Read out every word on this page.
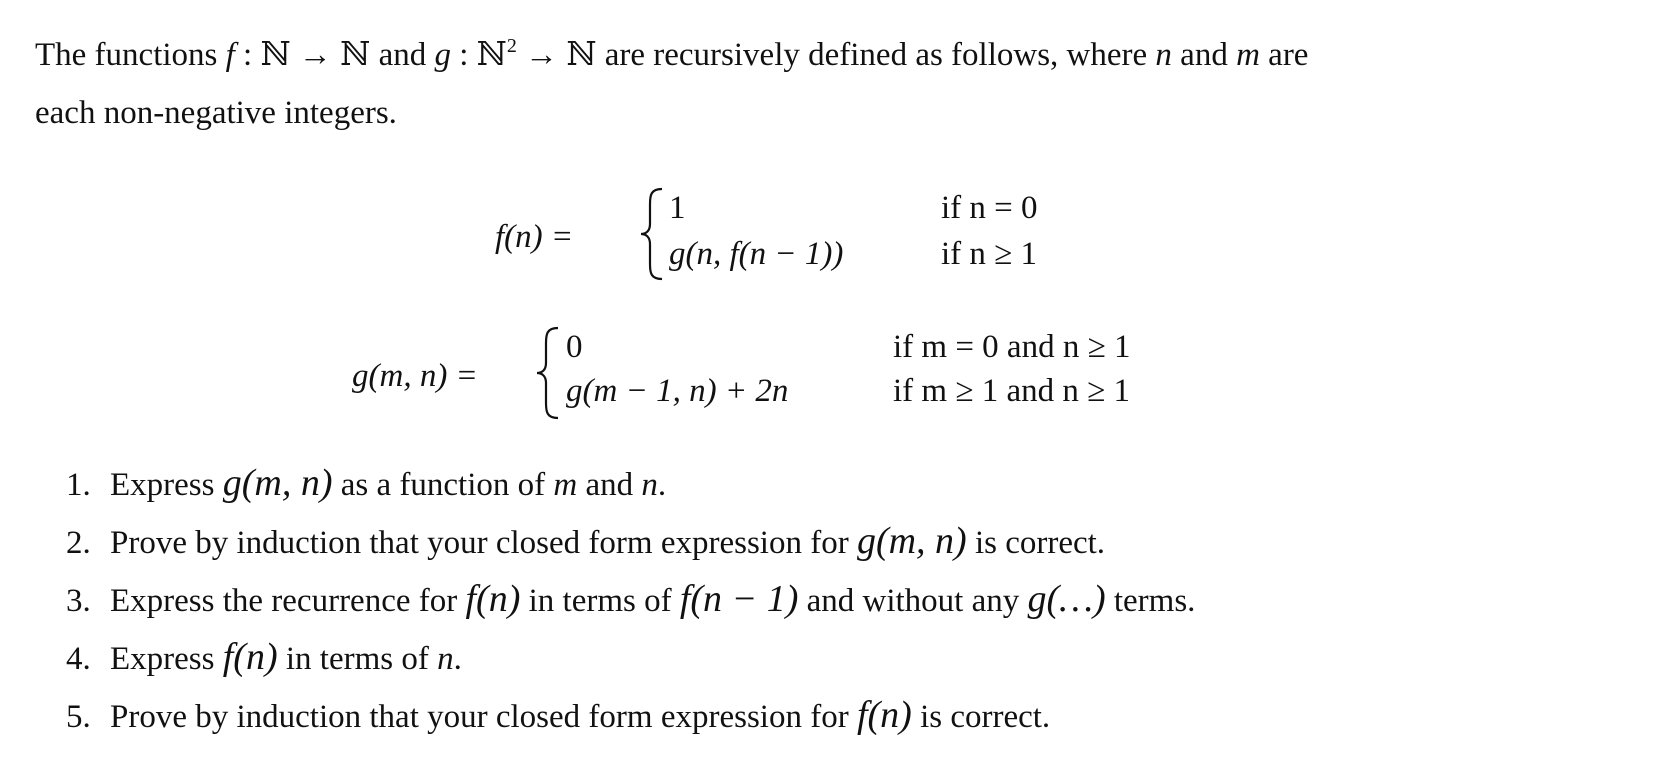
The functions f : ℕ → ℕ and g : ℕ$^2$ → ℕ are recursively defined as follows, where n and m are
each non-negative integers.

f(n) =
1	if n = 0
g(n, f(n − 1))	if n ≥ 1
g(m, n) =
0	if m = 0 and n ≥ 1
g(m − 1, n) + 2n	if m ≥ 1 and n ≥ 1
1. Express g(m, n) as a function of m and n.
2. Prove by induction that your closed form expression for g(m, n) is correct.
3. Express the recurrence for f(n) in terms of f(n − 1) and without any g(…) terms.
4. Express f(n) in terms of n.
5. Prove by induction that your closed form expression for f(n) is correct.
